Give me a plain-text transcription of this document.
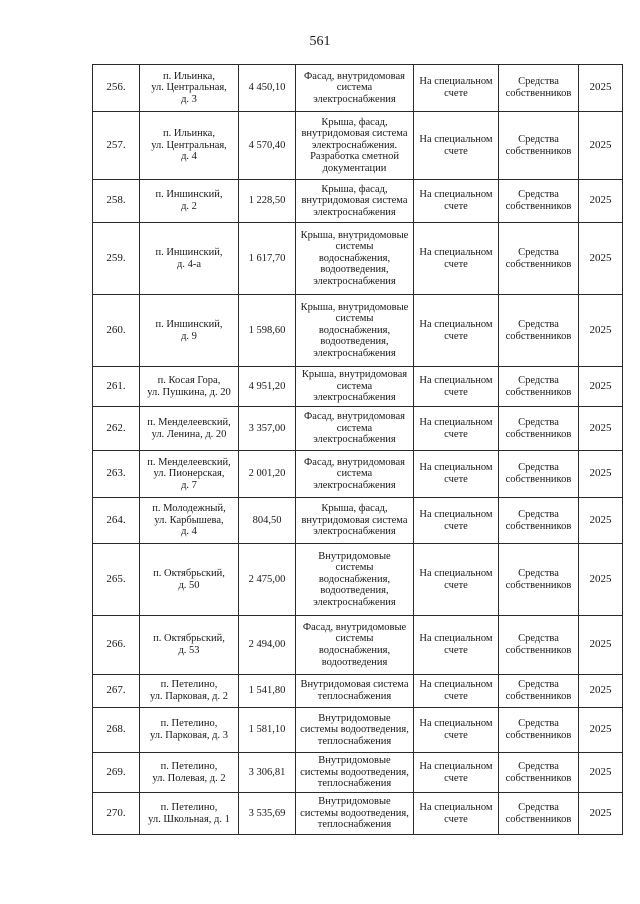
561
256.	п. Ильинка,
ул. Центральная,
д. 3	4 450,10	Фасад, внутридомовая
система
электроснабжения	На специальном
счете	Средства
собственников	2025
257.	п. Ильинка,
ул. Центральная,
д. 4	4 570,40	Крыша, фасад,
внутридомовая система
электроснабжения.
Разработка сметной
документации	На специальном
счете	Средства
собственников	2025
258.	п. Иншинский,
д. 2	1 228,50	Крыша, фасад,
внутридомовая система
электроснабжения	На специальном
счете	Средства
собственников	2025
259.	п. Иншинский,
д. 4-а	1 617,70	Крыша, внутридомовые
системы
водоснабжения,
водоотведения,
электроснабжения	На специальном
счете	Средства
собственников	2025
260.	п. Иншинский,
д. 9	1 598,60	Крыша, внутридомовые
системы
водоснабжения,
водоотведения,
электроснабжения	На специальном
счете	Средства
собственников	2025
261.	п. Косая Гора,
ул. Пушкина, д. 20	4 951,20	Крыша, внутридомовая
система
электроснабжения	На специальном
счете	Средства
собственников	2025
262.	п. Менделеевский,
ул. Ленина, д. 20	3 357,00	Фасад, внутридомовая
система
электроснабжения	На специальном
счете	Средства
собственников	2025
263.	п. Менделеевский,
ул. Пионерская,
д. 7	2 001,20	Фасад, внутридомовая
система
электроснабжения	На специальном
счете	Средства
собственников	2025
264.	п. Молодежный,
ул. Карбышева,
д. 4	804,50	Крыша, фасад,
внутридомовая система
электроснабжения	На специальном
счете	Средства
собственников	2025
265.	п. Октябрьский,
д. 50	2 475,00	Внутридомовые
системы
водоснабжения,
водоотведения,
электроснабжения	На специальном
счете	Средства
собственников	2025
266.	п. Октябрьский,
д. 53	2 494,00	Фасад, внутридомовые
системы
водоснабжения,
водоотведения	На специальном
счете	Средства
собственников	2025
267.	п. Петелино,
ул. Парковая, д. 2	1 541,80	Внутридомовая система
теплоснабжения	На специальном
счете	Средства
собственников	2025
268.	п. Петелино,
ул. Парковая, д. 3	1 581,10	Внутридомовые
системы водоотведения,
теплоснабжения	На специальном
счете	Средства
собственников	2025
269.	п. Петелино,
ул. Полевая, д. 2	3 306,81	Внутридомовые
системы водоотведения,
теплоснабжения	На специальном
счете	Средства
собственников	2025
270.	п. Петелино,
ул. Школьная, д. 1	3 535,69	Внутридомовые
системы водоотведения,
теплоснабжения	На специальном
счете	Средства
собственников	2025
